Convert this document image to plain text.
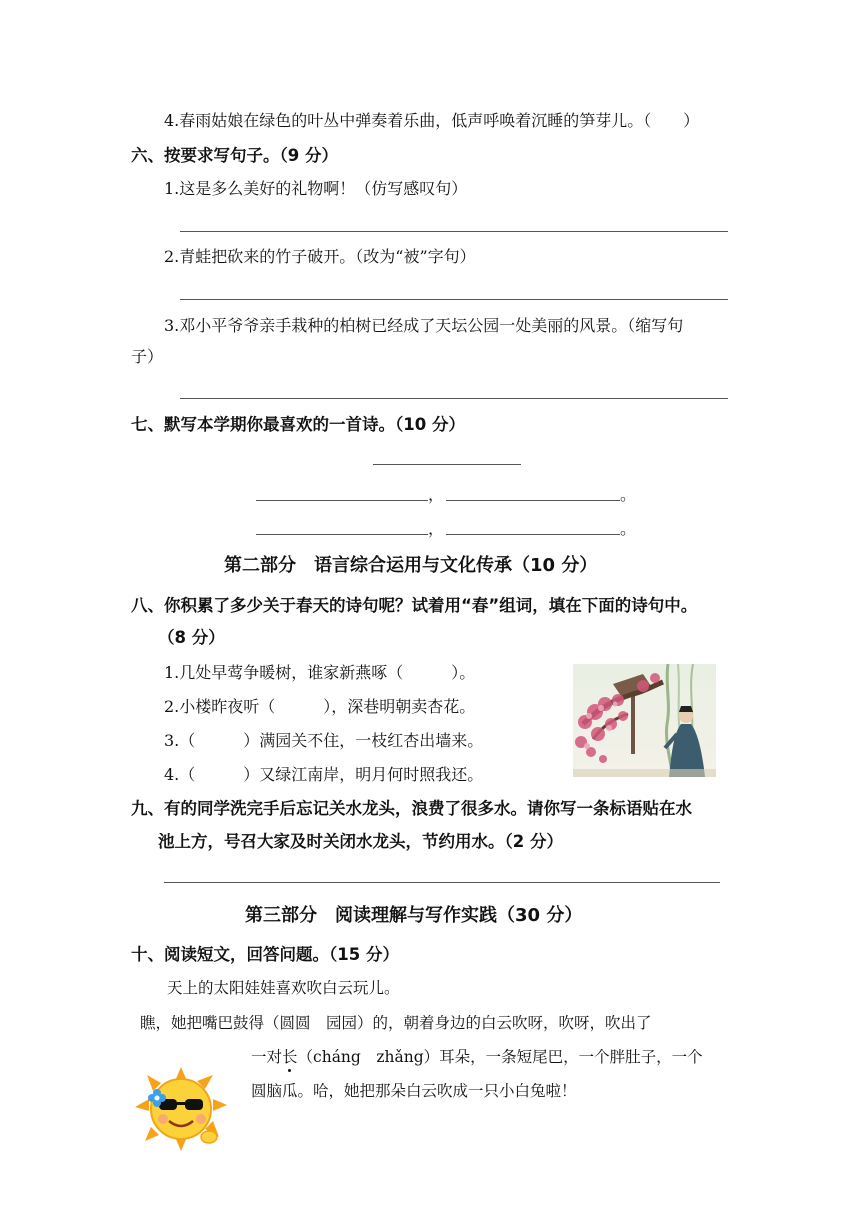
4.春雨姑娘在绿色的叶丛中弹奏着乐曲，低声呼唤着沉睡的笋芽儿。（　　）
六、按要求写句子。（9 分）
1.这是多么美好的礼物啊！（仿写感叹句）
2.青蛙把砍来的竹子破开。（改为“被”字句）
3.邓小平爷爷亲手栽种的柏树已经成了天坛公园一处美丽的风景。（缩写句
子）
七、默写本学期你最喜欢的一首诗。（10 分）
，	。
，	。
第二部分　语言综合运用与文化传承（10 分）
八、你积累了多少关于春天的诗句呢？试着用“春”组词，填在下面的诗句中。
（8 分）
1.几处早莺争暖树，谁家新燕啄（　　　）。
2.小楼昨夜听（　　　），深巷明朝卖杏花。
3.（　　　）满园关不住，一枝红杏出墙来。
4.（　　　）又绿江南岸，明月何时照我还。
九、有的同学洗完手后忘记关水龙头，浪费了很多水。请你写一条标语贴在水
池上方，号召大家及时关闭水龙头，节约用水。（2 分）
第三部分　阅读理解与写作实践（30 分）
十、阅读短文，回答问题。（15 分）
天上的太阳娃娃喜欢吹白云玩儿。
瞧，她把嘴巴鼓得（圆圆　园园）的，朝着身边的白云吹呀，吹呀，吹出了
一对长（cháng　zhǎng）耳朵，一条短尾巴，一个胖肚子，一个
圆脑瓜。哈，她把那朵白云吹成一只小白兔啦！
